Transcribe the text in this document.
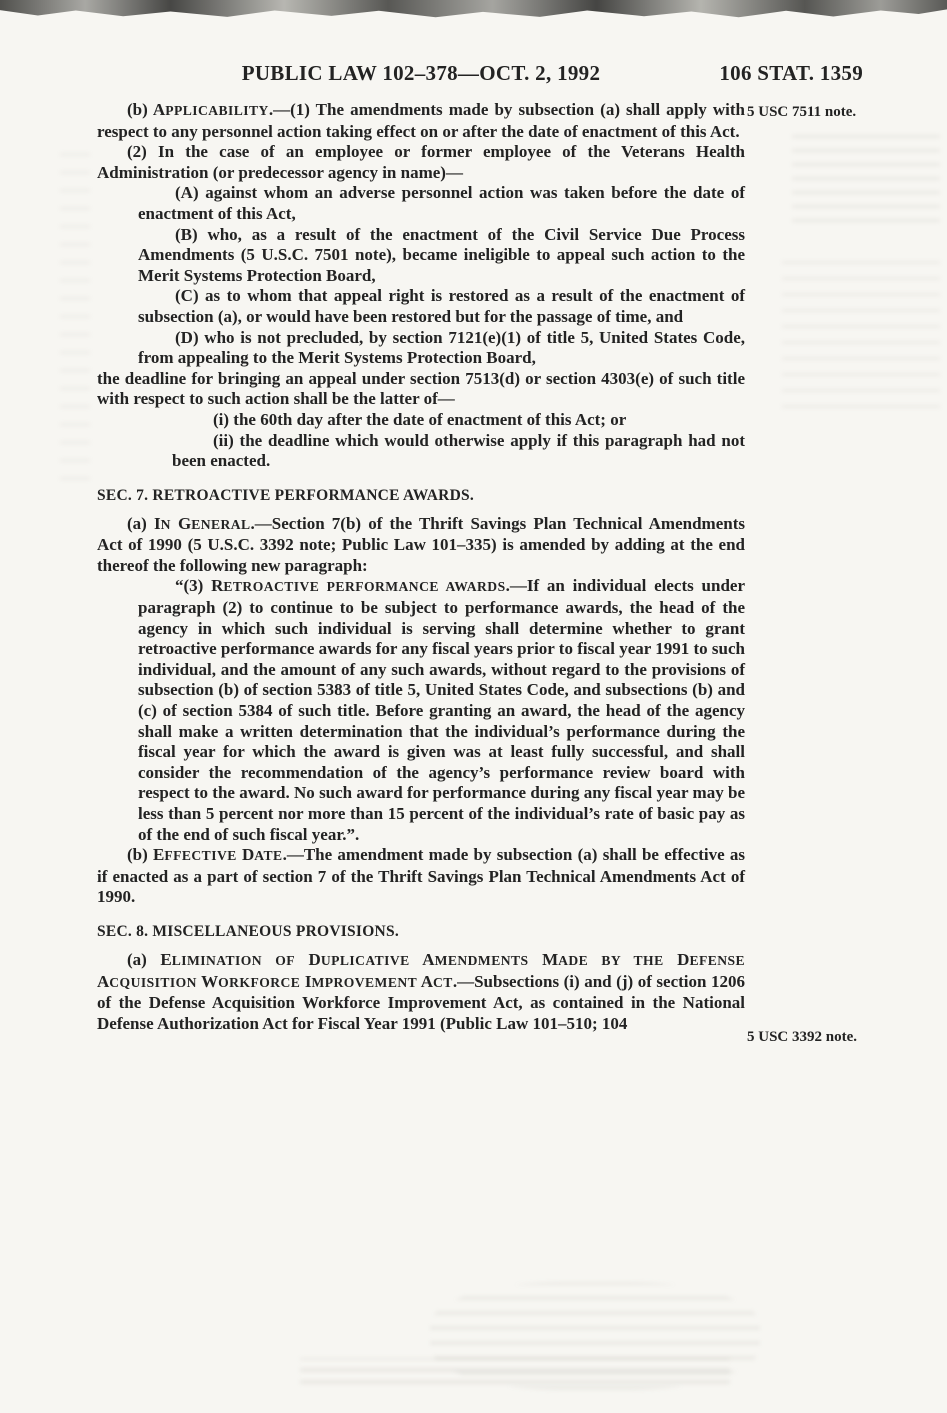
PUBLIC LAW 102–378—OCT. 2, 1992	106 STAT. 1359
5 USC 7511 note.
5 USC 3392 note.
(b) APPLICABILITY.—(1) The amendments made by subsection (a) shall apply with respect to any personnel action taking effect on or after the date of enactment of this Act.
(2) In the case of an employee or former employee of the Veterans Health Administration (or predecessor agency in name)—
(A) against whom an adverse personnel action was taken before the date of enactment of this Act,
(B) who, as a result of the enactment of the Civil Service Due Process Amendments (5 U.S.C. 7501 note), became ineligible to appeal such action to the Merit Systems Protection Board,
(C) as to whom that appeal right is restored as a result of the enactment of subsection (a), or would have been restored but for the passage of time, and
(D) who is not precluded, by section 7121(e)(1) of title 5, United States Code, from appealing to the Merit Systems Protection Board,
the deadline for bringing an appeal under section 7513(d) or section 4303(e) of such title with respect to such action shall be the latter of—
(i) the 60th day after the date of enactment of this Act; or
(ii) the deadline which would otherwise apply if this paragraph had not been enacted.
SEC. 7. RETROACTIVE PERFORMANCE AWARDS.
(a) IN GENERAL.—Section 7(b) of the Thrift Savings Plan Technical Amendments Act of 1990 (5 U.S.C. 3392 note; Public Law 101–335) is amended by adding at the end thereof the following new paragraph:
“(3) RETROACTIVE PERFORMANCE AWARDS.—If an individual elects under paragraph (2) to continue to be subject to performance awards, the head of the agency in which such individual is serving shall determine whether to grant retroactive performance awards for any fiscal years prior to fiscal year 1991 to such individual, and the amount of any such awards, without regard to the provisions of subsection (b) of section 5383 of title 5, United States Code, and subsections (b) and (c) of section 5384 of such title. Before granting an award, the head of the agency shall make a written determination that the individual’s performance during the fiscal year for which the award is given was at least fully successful, and shall consider the recommendation of the agency’s performance review board with respect to the award. No such award for performance during any fiscal year may be less than 5 percent nor more than 15 percent of the individual’s rate of basic pay as of the end of such fiscal year.”.
(b) EFFECTIVE DATE.—The amendment made by subsection (a) shall be effective as if enacted as a part of section 7 of the Thrift Savings Plan Technical Amendments Act of 1990.
SEC. 8. MISCELLANEOUS PROVISIONS.
(a) ELIMINATION OF DUPLICATIVE AMENDMENTS MADE BY THE DEFENSE ACQUISITION WORKFORCE IMPROVEMENT ACT.—Subsections (i) and (j) of section 1206 of the Defense Acquisition Workforce Improvement Act, as contained in the National Defense Authorization Act for Fiscal Year 1991 (Public Law 101–510; 104
